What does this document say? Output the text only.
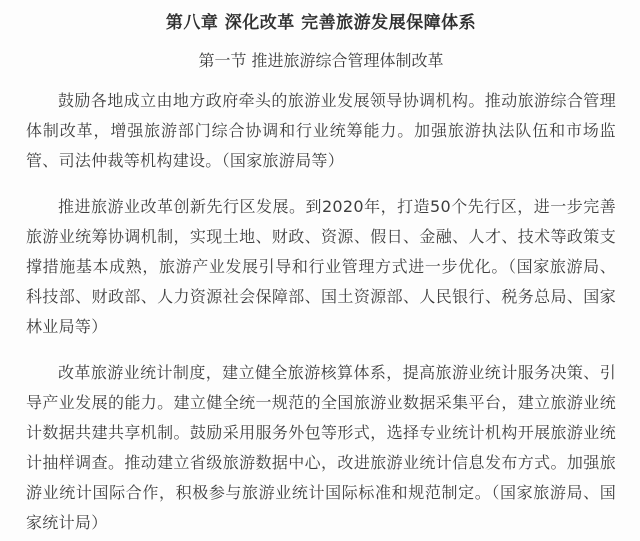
第八章 深化改革 完善旅游发展保障体系
第一节 推进旅游综合管理体制改革

鼓励各地成立由地方政府牵头的旅游业发展领导协调机构。推动旅游综合管理体制改革，增强旅游部门综合协调和行业统筹能力。加强旅游执法队伍和市场监管、司法仲裁等机构建设。（国家旅游局等）

推进旅游业改革创新先行区发展。到2020年，打造50个先行区，进一步完善旅游业统筹协调机制，实现土地、财政、资源、假日、金融、人才、技术等政策支撑措施基本成熟，旅游产业发展引导和行业管理方式进一步优化。（国家旅游局、科技部、财政部、人力资源社会保障部、国土资源部、人民银行、税务总局、国家林业局等）

改革旅游业统计制度，建立健全旅游核算体系，提高旅游业统计服务决策、引导产业发展的能力。建立健全统一规范的全国旅游业数据采集平台，建立旅游业统计数据共建共享机制。鼓励采用服务外包等形式，选择专业统计机构开展旅游业统计抽样调查。推动建立省级旅游数据中心，改进旅游业统计信息发布方式。加强旅游业统计国际合作，积极参与旅游业统计国际标准和规范制定。（国家旅游局、国家统计局）
